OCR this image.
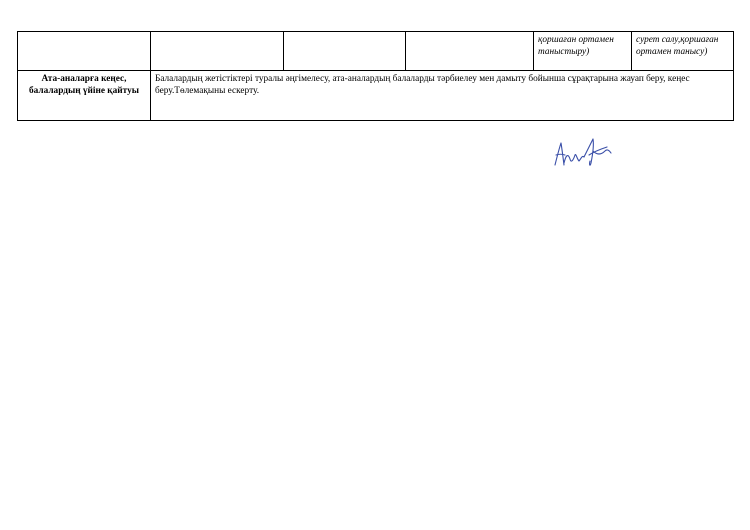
				қоршаған ортамен таныстыру)	сурет салу,қоршаған ортамен танысу)
Ата-аналарға кеңес, балалардың үйіне қайтуы	Балалардың жетістіктері туралы әңгімелесу, ата-аналардың балаларды тәрбиелеу мен дамыту бойынша сұрақтарына жауап беру, кеңес беру.Төлемақыны ескерту.				
